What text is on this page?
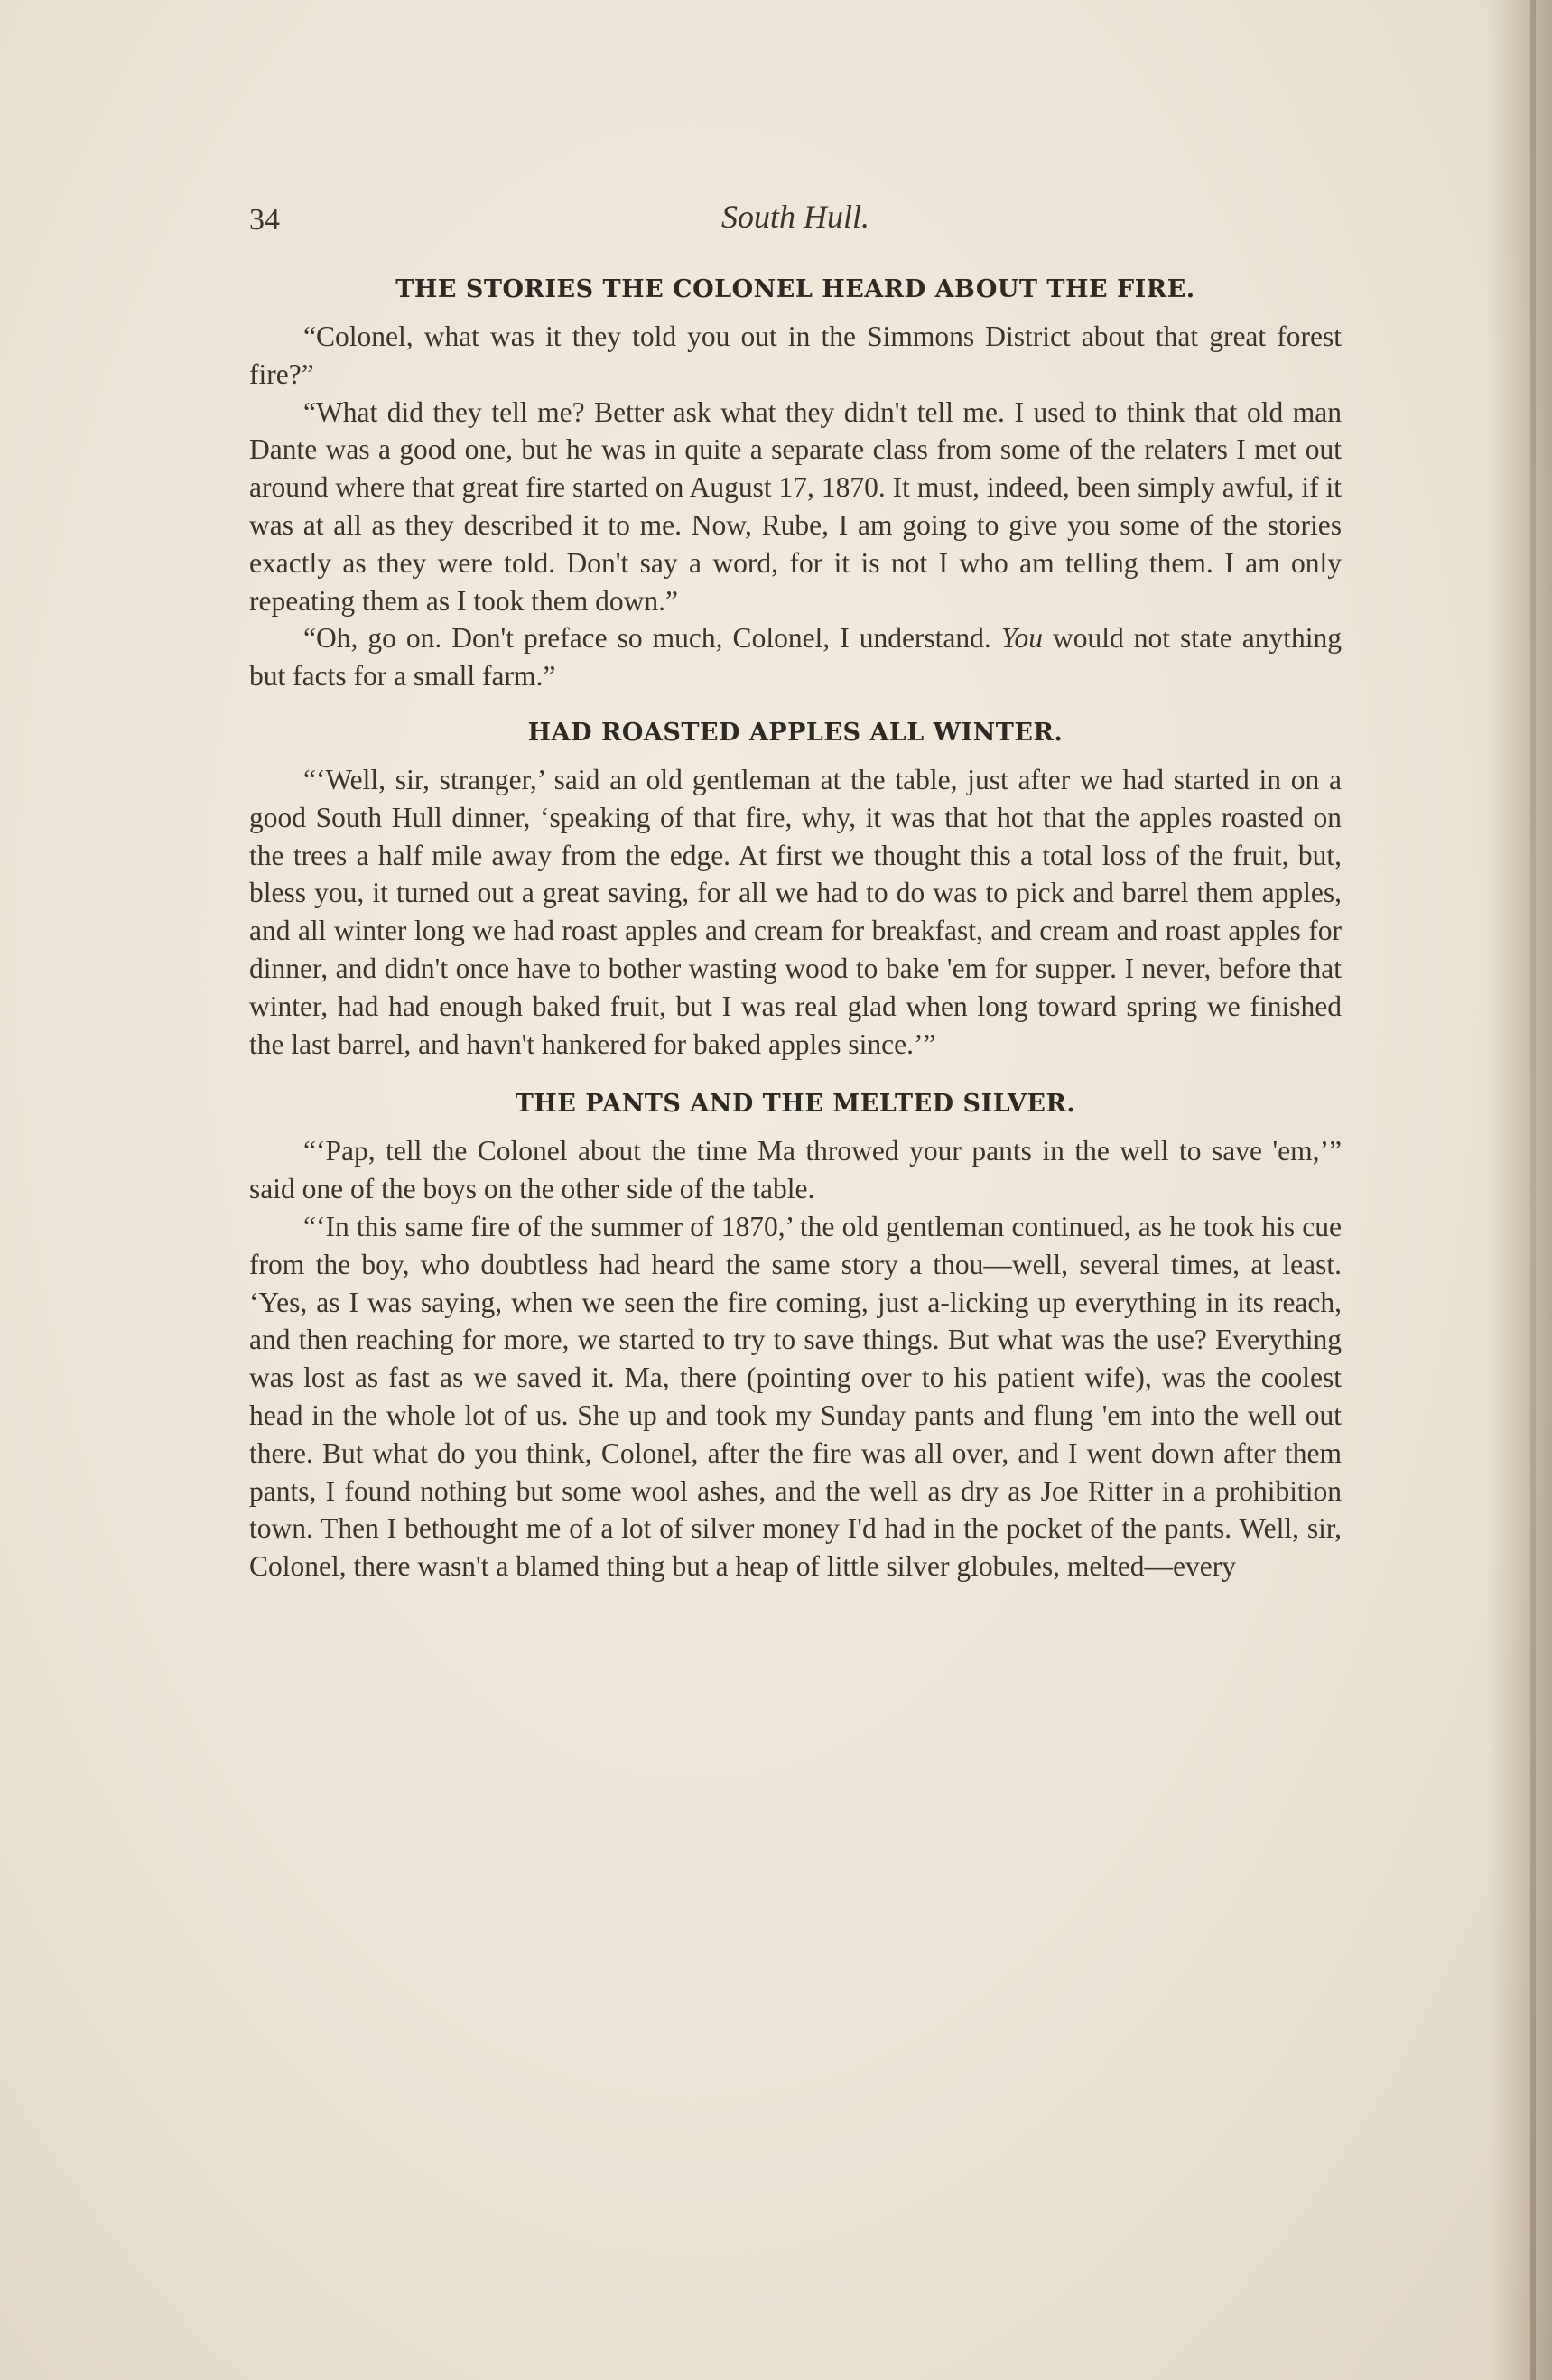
34	South Hull.
THE STORIES THE COLONEL HEARD ABOUT THE FIRE.

“Colonel, what was it they told you out in the Simmons District about that great forest fire?”

“What did they tell me? Better ask what they didn't tell me. I used to think that old man Dante was a good one, but he was in quite a separate class from some of the relaters I met out around where that great fire started on August 17, 1870. It must, indeed, been simply awful, if it was at all as they described it to me. Now, Rube, I am going to give you some of the stories exactly as they were told. Don't say a word, for it is not I who am telling them. I am only repeating them as I took them down.”

“Oh, go on. Don't preface so much, Colonel, I understand. You would not state anything but facts for a small farm.”

HAD ROASTED APPLES ALL WINTER.

“‘Well, sir, stranger,’ said an old gentleman at the table, just after we had started in on a good South Hull dinner, ‘speaking of that fire, why, it was that hot that the apples roasted on the trees a half mile away from the edge. At first we thought this a total loss of the fruit, but, bless you, it turned out a great saving, for all we had to do was to pick and barrel them apples, and all winter long we had roast apples and cream for breakfast, and cream and roast apples for dinner, and didn't once have to bother wasting wood to bake 'em for supper. I never, before that winter, had had enough baked fruit, but I was real glad when long toward spring we finished the last barrel, and havn't hankered for baked apples since.’”

THE PANTS AND THE MELTED SILVER.

“‘Pap, tell the Colonel about the time Ma throwed your pants in the well to save 'em,’” said one of the boys on the other side of the table.

“‘In this same fire of the summer of 1870,’ the old gentleman continued, as he took his cue from the boy, who doubtless had heard the same story a thou—well, several times, at least. ‘Yes, as I was saying, when we seen the fire coming, just a-licking up everything in its reach, and then reaching for more, we started to try to save things. But what was the use? Everything was lost as fast as we saved it. Ma, there (pointing over to his patient wife), was the coolest head in the whole lot of us. She up and took my Sunday pants and flung 'em into the well out there. But what do you think, Colonel, after the fire was all over, and I went down after them pants, I found nothing but some wool ashes, and the well as dry as Joe Ritter in a prohibition town. Then I bethought me of a lot of silver money I'd had in the pocket of the pants. Well, sir, Colonel, there wasn't a blamed thing but a heap of little silver globules, melted—every
